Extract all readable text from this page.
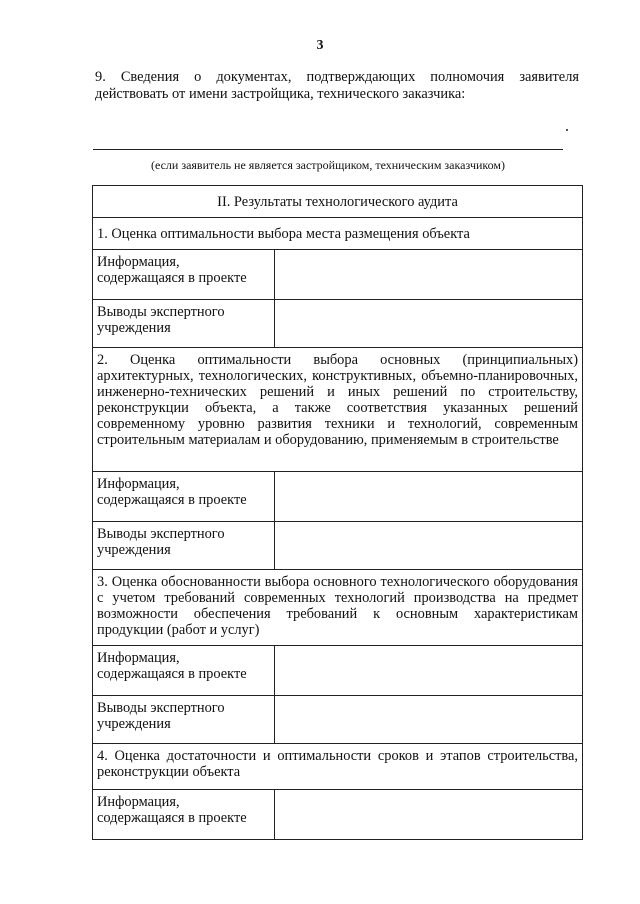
3
9. Сведения о документах, подтверждающих полномочия заявителя действовать от имени застройщика, технического заказчика:
(если заявитель не является застройщиком, техническим заказчиком)
II. Результаты технологического аудита	
1. Оценка оптимальности выбора места размещения объекта	
Информация, содержащаяся в проекте	
Выводы экспертного учреждения	
2. Оценка оптимальности выбора основных (принципиальных) архитектурных, технологических, конструктивных, объемно-планировочных, инженерно-технических решений и иных решений по строительству, реконструкции объекта, а также соответствия указанных решений современному уровню развития техники и технологий, современным строительным материалам и оборудованию, применяемым в строительстве	
Информация, содержащаяся в проекте	
Выводы экспертного учреждения	
3. Оценка обоснованности выбора основного технологического оборудования с учетом требований современных технологий производства на предмет возможности обеспечения требований к основным характеристикам продукции (работ и услуг)	
Информация, содержащаяся в проекте	
Выводы экспертного учреждения	
4. Оценка достаточности и оптимальности сроков и этапов строительства, реконструкции объекта	
Информация, содержащаяся в проекте	
